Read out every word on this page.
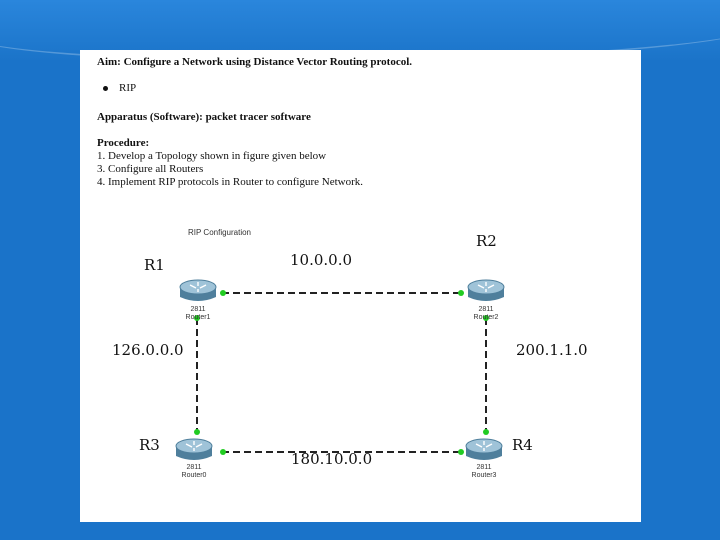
Aim: Configure a Network using Distance Vector Routing protocol.
RIP
Apparatus (Software): packet tracer software
Procedure:
1. Develop a Topology shown in figure given below
3. Configure all Routers
4. Implement RIP protocols in Router to configure Network.
RIP Configuration
2811
Router1
2811
Router2
2811
Router0
2811
Router3
R1
R2
R3	R4
10.0.0.0
126.0.0.0	200.1.1.0
180.10.0.0
